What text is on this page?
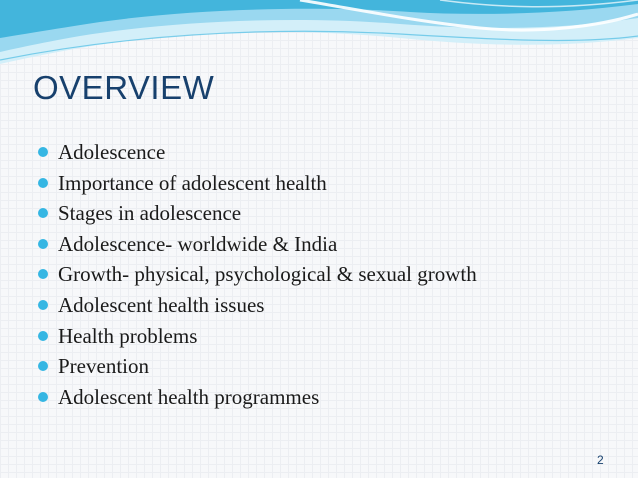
OVERVIEW
Adolescence
Importance of adolescent health
Stages in adolescence
Adolescence- worldwide & India
Growth- physical, psychological & sexual growth
Adolescent health issues
Health problems
Prevention
Adolescent health programmes
2
